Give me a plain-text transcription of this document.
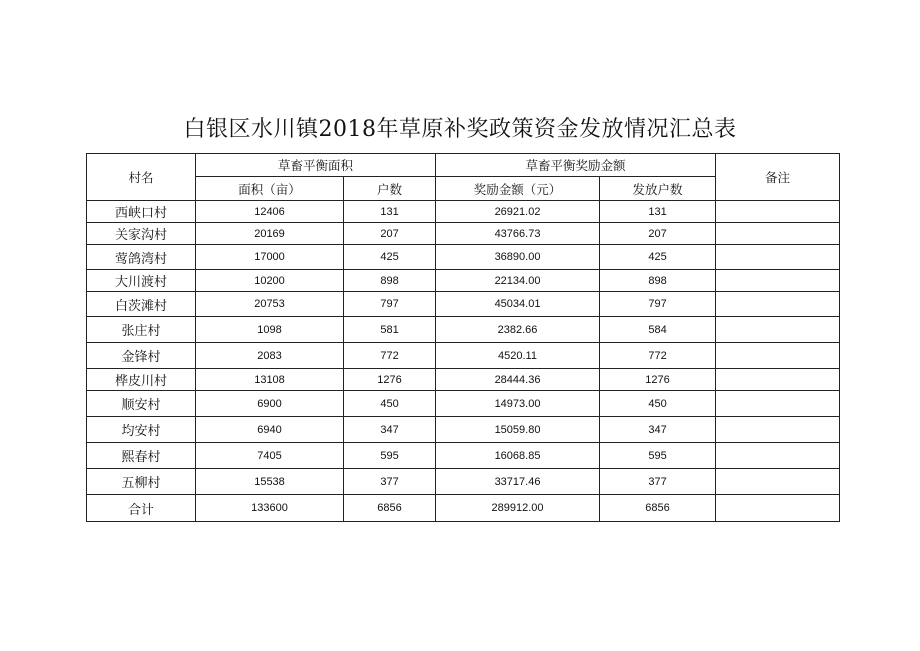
白银区水川镇2018年草原补奖政策资金发放情况汇总表
村名	草畜平衡面积		草畜平衡奖励金额		备注
	面积（亩）	户数	奖励金额（元）	发放户数	
西峡口村	12406	131	26921.02	131	
关家沟村	20169	207	43766.73	207	
莺鸽湾村	17000	425	36890.00	425	
大川渡村	10200	898	22134.00	898	
白茨滩村	20753	797	45034.01	797	
张庄村	1098	581	2382.66	584	
金锋村	2083	772	4520.11	772	
桦皮川村	13108	1276	28444.36	1276	
顺安村	6900	450	14973.00	450	
均安村	6940	347	15059.80	347	
熙春村	7405	595	16068.85	595	
五柳村	15538	377	33717.46	377	
合计	133600	6856	289912.00	6856	
